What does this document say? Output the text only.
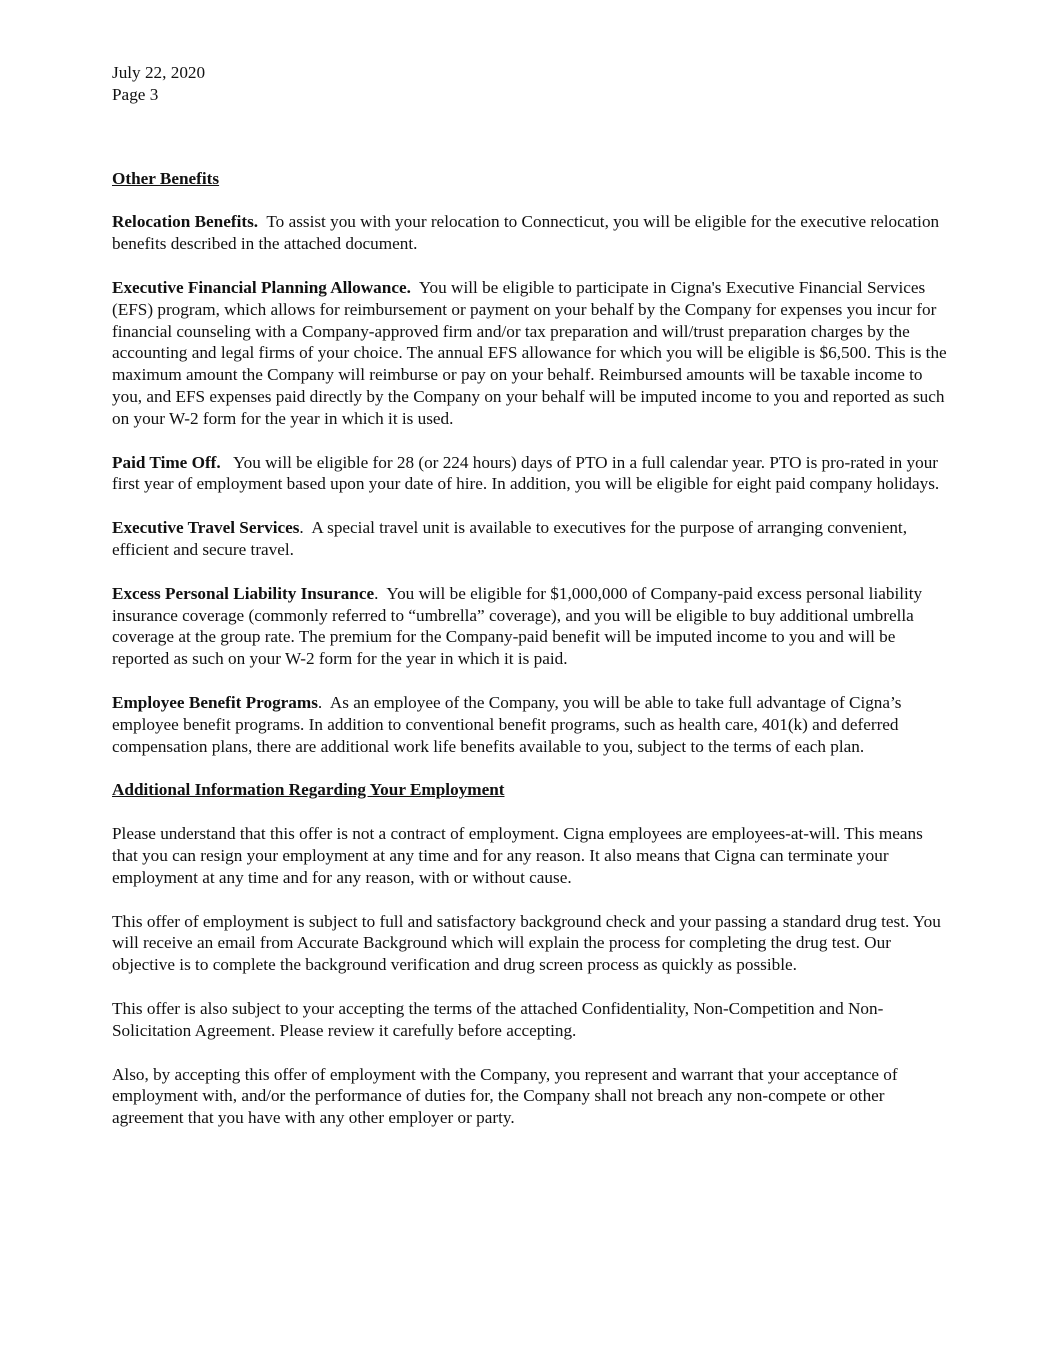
July 22, 2020

Page 3

Other Benefits

Relocation Benefits. To assist you with your relocation to Connecticut, you will be eligible for the executive relocation benefits described in the attached document.

Executive Financial Planning Allowance. You will be eligible to participate in Cigna's Executive Financial Services (EFS) program, which allows for reimbursement or payment on your behalf by the Company for expenses you incur for financial counseling with a Company-approved firm and/or tax preparation and will/trust preparation charges by the accounting and legal firms of your choice. The annual EFS allowance for which you will be eligible is $6,500. This is the maximum amount the Company will reimburse or pay on your behalf. Reimbursed amounts will be taxable income to you, and EFS expenses paid directly by the Company on your behalf will be imputed income to you and reported as such on your W-2 form for the year in which it is used.

Paid Time Off. You will be eligible for 28 (or 224 hours) days of PTO in a full calendar year. PTO is pro-rated in your first year of employment based upon your date of hire. In addition, you will be eligible for eight paid company holidays.

Executive Travel Services.  A special travel unit is available to executives for the purpose of arranging convenient, efficient and secure travel.

Excess Personal Liability Insurance.  You will be eligible for $1,000,000 of Company-paid excess personal liability insurance coverage (commonly referred to “umbrella” coverage), and you will be eligible to buy additional umbrella coverage at the group rate. The premium for the Company-paid benefit will be imputed income to you and will be reported as such on your W-2 form for the year in which it is paid.

Employee Benefit Programs.  As an employee of the Company, you will be able to take full advantage of Cigna’s employee benefit programs. In addition to conventional benefit programs, such as health care, 401(k) and deferred compensation plans, there are additional work life benefits available to you, subject to the terms of each plan.

Additional Information Regarding Your Employment

Please understand that this offer is not a contract of employment. Cigna employees are employees-at-will. This means that you can resign your employment at any time and for any reason. It also means that Cigna can terminate your employment at any time and for any reason, with or without cause.

This offer of employment is subject to full and satisfactory background check and your passing a standard drug test. You will receive an email from Accurate Background which will explain the process for completing the drug test. Our objective is to complete the background verification and drug screen process as quickly as possible.

This offer is also subject to your accepting the terms of the attached Confidentiality, Non-Competition and Non-Solicitation Agreement. Please review it carefully before accepting.

Also, by accepting this offer of employment with the Company, you represent and warrant that your acceptance of employment with, and/or the performance of duties for, the Company shall not breach any non-compete or other agreement that you have with any other employer or party.
